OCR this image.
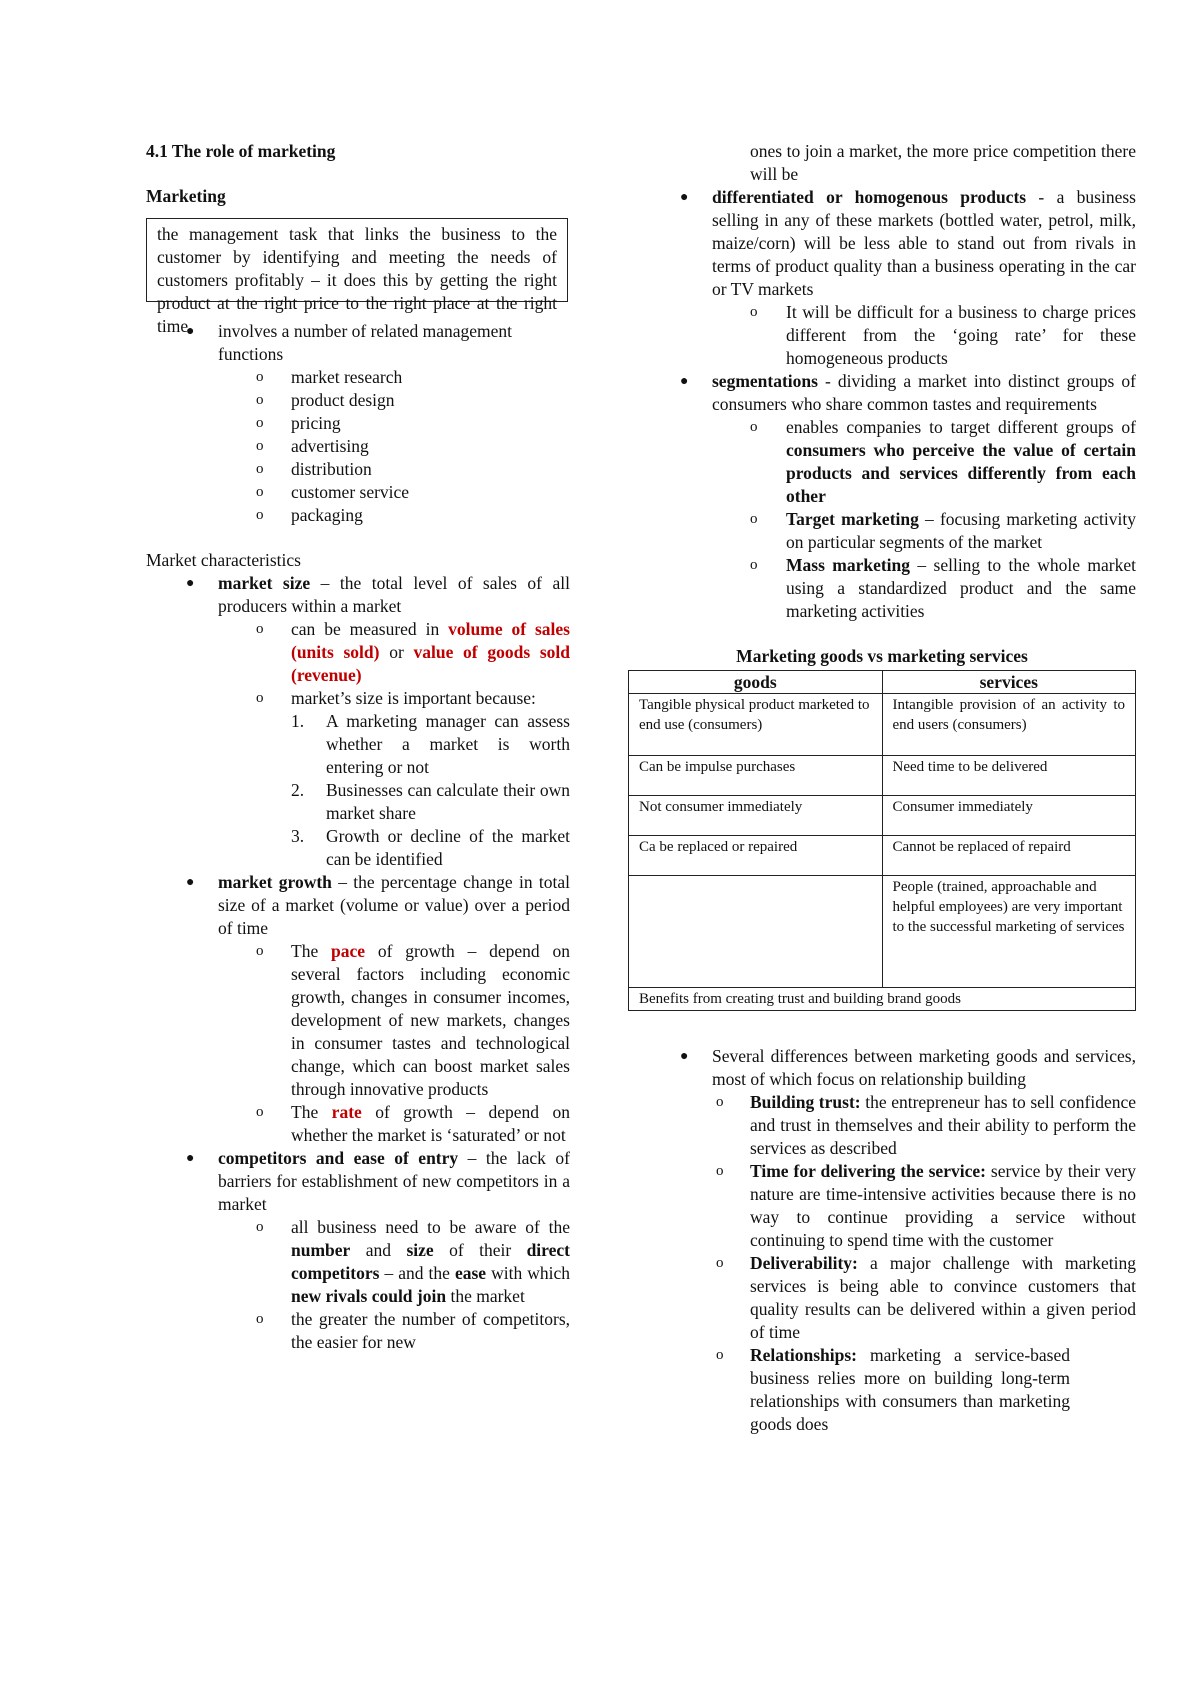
4.1 The role of marketing

Marketing

the management task that links the business to the customer by identifying and meeting the needs of customers profitably – it does this by getting the right product at the right price to the right place at the right time
● involves a number of related management functions
o market research
o product design
o pricing
o advertising
o distribution
o customer service
o packaging

Market characteristics

● market size – the total level of sales of all producers within a market
o can be measured in volume of sales (units sold) or value of goods sold (revenue)
o market’s size is important because:
1. A marketing manager can assess whether a market is worth entering or not
2. Businesses can calculate their own market share
3. Growth or decline of the market can be identified
● market growth – the percentage change in total size of a market (volume or value) over a period of time
o The pace of growth – depend on several factors including economic growth, changes in consumer incomes, development of new markets, changes in consumer tastes and technological change, which can boost market sales through innovative products
o The rate of growth – depend on whether the market is ‘saturated’ or not
● competitors and ease of entry – the lack of barriers for establishment of new competitors in a market
o all business need to be aware of the number and size of their direct competitors – and the ease with which new rivals could join the market
o the greater the number of competitors, the easier for new
ones to join a market, the more price competition there will be
● differentiated or homogenous products - a business selling in any of these markets (bottled water, petrol, milk, maize/corn) will be less able to stand out from rivals in terms of product quality than a business operating in the car or TV markets
o It will be difficult for a business to charge prices different from the ‘going rate’ for these homogeneous products
● segmentations - dividing a market into distinct groups of consumers who share common tastes and requirements
o enables companies to target different groups of consumers who perceive the value of certain products and services differently from each other
o Target marketing – focusing marketing activity on particular segments of the market
o Mass marketing – selling to the whole market using a standardized product and the same marketing activities

Marketing goods vs marketing services

goods	services
Tangible physical product marketed to end use (consumers)	Intangible provision of an activity to end users (consumers)
Can be impulse purchases	Need time to be delivered
Not consumer immediately	Consumer immediately
Ca be replaced or repaired	Cannot be replaced of repaird
	People (trained, approachable and helpful employees) are very important to the successful marketing of services
Benefits from creating trust and building brand goods	
● Several differences between marketing goods and services, most of which focus on relationship building
o Building trust: the entrepreneur has to sell confidence and trust in themselves and their ability to perform the services as described
o Time for delivering the service: service by their very nature are time-intensive activities because there is no way to continue providing a service without continuing to spend time with the customer
o Deliverability: a major challenge with marketing services is being able to convince customers that quality results can be delivered within a given period of time
o Relationships: marketing a service-based business relies more on building long-term relationships with consumers than marketing goods does
